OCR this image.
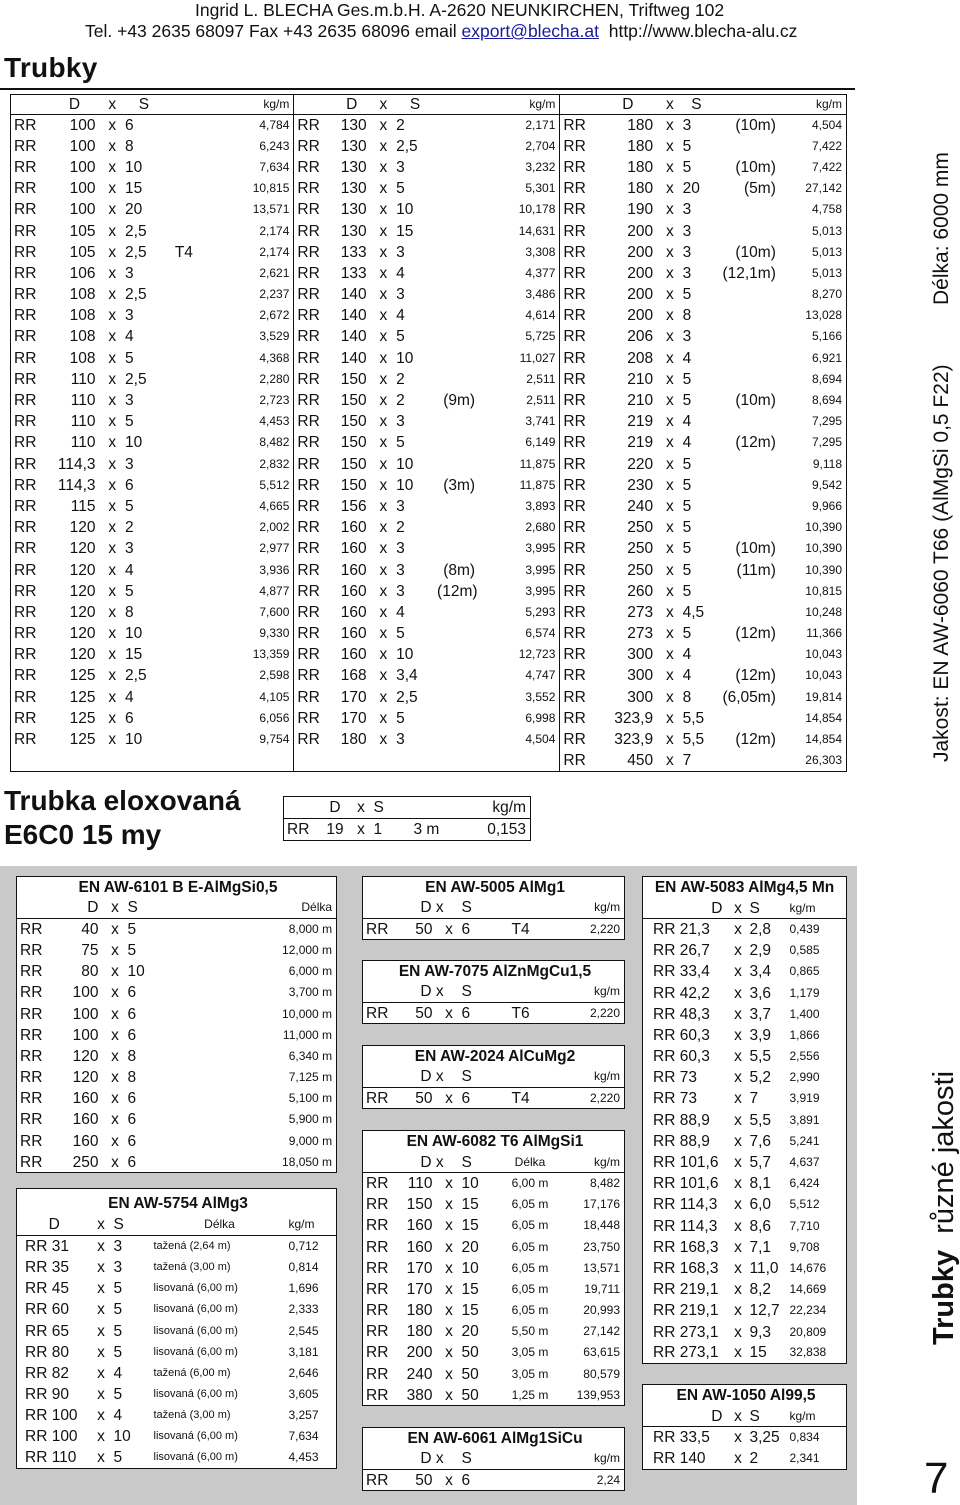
Ingrid L. BLECHA Ges.m.b.H. A-2620 NEUNKIRCHEN, Triftweg 102
Tel. +43 2635 68097 Fax +43 2635 68096 email export@blecha.at http://www.blecha-alu.cz
Trubky
	D	x	S		kg/m		D	x	S		kg/m		D	x	S		kg/m
RR	100	x	6		4,784	RR	130	x	2		2,171	RR	180	x	3	(10m)	4,504
RR	100	x	8		6,243	RR	130	x	2,5		2,704	RR	180	x	5		7,422
RR	100	x	10		7,634	RR	130	x	3		3,232	RR	180	x	5	(10m)	7,422
RR	100	x	15		10,815	RR	130	x	5		5,301	RR	180	x	20	(5m)	27,142
RR	100	x	20		13,571	RR	130	x	10		10,178	RR	190	x	3		4,758
RR	105	x	2,5		2,174	RR	130	x	15		14,631	RR	200	x	3		5,013
RR	105	x	2,5	T4	2,174	RR	133	x	3		3,308	RR	200	x	3	(10m)	5,013
RR	106	x	3		2,621	RR	133	x	4		4,377	RR	200	x	3	(12,1m)	5,013
RR	108	x	2,5		2,237	RR	140	x	3		3,486	RR	200	x	5		8,270
RR	108	x	3		2,672	RR	140	x	4		4,614	RR	200	x	8		13,028
RR	108	x	4		3,529	RR	140	x	5		5,725	RR	206	x	3		5,166
RR	108	x	5		4,368	RR	140	x	10		11,027	RR	208	x	4		6,921
RR	110	x	2,5		2,280	RR	150	x	2		2,511	RR	210	x	5		8,694
RR	110	x	3		2,723	RR	150	x	2	(9m)	2,511	RR	210	x	5	(10m)	8,694
RR	110	x	5		4,453	RR	150	x	3		3,741	RR	219	x	4		7,295
RR	110	x	10		8,482	RR	150	x	5		6,149	RR	219	x	4	(12m)	7,295
RR	114,3	x	3		2,832	RR	150	x	10		11,875	RR	220	x	5		9,118
RR	114,3	x	6		5,512	RR	150	x	10	(3m)	11,875	RR	230	x	5		9,542
RR	115	x	5		4,665	RR	156	x	3		3,893	RR	240	x	5		9,966
RR	120	x	2		2,002	RR	160	x	2		2,680	RR	250	x	5		10,390
RR	120	x	3		2,977	RR	160	x	3		3,995	RR	250	x	5	(10m)	10,390
RR	120	x	4		3,936	RR	160	x	3	(8m)	3,995	RR	250	x	5	(11m)	10,390
RR	120	x	5		4,877	RR	160	x	3	(12m)	3,995	RR	260	x	5		10,815
RR	120	x	8		7,600	RR	160	x	4		5,293	RR	273	x	4,5		10,248
RR	120	x	10		9,330	RR	160	x	5		6,574	RR	273	x	5	(12m)	11,366
RR	120	x	15		13,359	RR	160	x	10		12,723	RR	300	x	4		10,043
RR	125	x	2,5		2,598	RR	168	x	3,4		4,747	RR	300	x	4	(12m)	10,043
RR	125	x	4		4,105	RR	170	x	2,5		3,552	RR	300	x	8	(6,05m)	19,814
RR	125	x	6		6,056	RR	170	x	5		6,998	RR	323,9	x	5,5		14,854
RR	125	x	10		9,754	RR	180	x	3		4,504	RR	323,9	x	5,5	(12m)	14,854
												RR	450	x	7		26,303	Jakost: EN AW-6060 T66 (AlMgSi 0,5 F22)
Délka: 6000 mm
Trubka eloxovaná
E6C0 15 my
	D	x	S		kg/m
RR	19	x	1	3 m	0,153
EN AW-6101 B E-AlMgSi0,5				
	D	x	S	Délka
RR	40	x	5	8,000 m
RR	75	x	5	12,000 m
RR	80	x	10	6,000 m
RR	100	x	6	3,700 m
RR	100	x	6	10,000 m
RR	100	x	6	11,000 m
RR	120	x	8	6,340 m
RR	120	x	8	7,125 m
RR	160	x	6	5,100 m
RR	160	x	6	5,900 m
RR	160	x	6	9,000 m
RR	250	x	6	18,050 m
EN AW-5754 AlMg3				
D	x	S	Délka	kg/m
RR 31	x	3	tažená (2,64 m)	0,712
RR 35	x	3	tažená (3,00 m)	0,814
RR 45	x	5	lisovaná (6,00 m)	1,696
RR 60	x	5	lisovaná (6,00 m)	2,333
RR 65	x	5	lisovaná (6,00 m)	2,545
RR 80	x	5	lisovaná (6,00 m)	3,181
RR 82	x	4	tažená (6,00 m)	2,646
RR 90	x	5	lisovaná (6,00 m)	3,605
RR 100	x	4	tažená (3,00 m)	3,257
RR 100	x	10	lisovaná (6,00 m)	7,634
RR 110	x	5	lisovaná (6,00 m)	4,453
EN AW-5005 AlMg1					
	D x		S		kg/m
RR	50	x	6	T4	2,220
EN AW-7075 AlZnMgCu1,5					
	D x		S		kg/m
RR	50	x	6	T6	2,220
EN AW-2024 AlCuMg2					
	D x		S		kg/m
RR	50	x	6	T4	2,220
EN AW-6082 T6 AlMgSi1					
	D x		S	Délka	kg/m
RR	110	x	10	6,00 m	8,482
RR	150	x	15	6,05 m	17,176
RR	160	x	15	6,05 m	18,448
RR	160	x	20	6,05 m	23,750
RR	170	x	10	6,05 m	13,571
RR	170	x	15	6,05 m	19,711
RR	180	x	15	6,05 m	20,993
RR	180	x	20	5,50 m	27,142
RR	200	x	50	3,05 m	63,615
RR	240	x	50	3,05 m	80,579
RR	380	x	50	1,25 m	139,953
EN AW-6061 AlMg1SiCu					
	D x		S		kg/m
RR	50	x	6		2,24
EN AW-5083 AlMg4,5 Mn			
D	x	S	kg/m
RR 21,3	x	2,8	0,439
RR 26,7	x	2,9	0,585
RR 33,4	x	3,4	0,865
RR 42,2	x	3,6	1,179
RR 48,3	x	3,7	1,400
RR 60,3	x	3,9	1,866
RR 60,3	x	5,5	2,556
RR 73	x	5,2	2,990
RR 73	x	7	3,919
RR 88,9	x	5,5	3,891
RR 88,9	x	7,6	5,241
RR 101,6	x	5,7	4,637
RR 101,6	x	8,1	6,424
RR 114,3	x	6,0	5,512
RR 114,3	x	8,6	7,710
RR 168,3	x	7,1	9,708
RR 168,3	x	11,0	14,676
RR 219,1	x	8,2	14,669
RR 219,1	x	12,7	22,234
RR 273,1	x	9,3	20,809
RR 273,1	x	15	32,838
EN AW-1050 Al99,5			
D	x	S	kg/m
RR 33,5	x	3,25	0,834
RR 140	x	2	2,341
Trubky  různé jakosti
7
